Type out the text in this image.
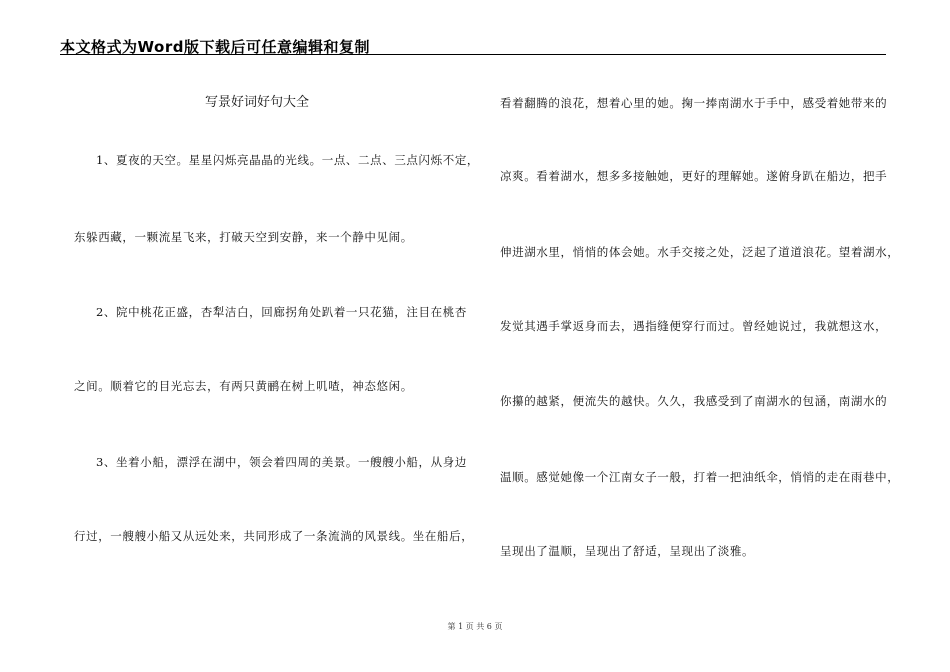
本文格式为Word版下载后可任意编辑和复制
写景好词好句大全
1、夏夜的天空。星星闪烁亮晶晶的光线。一点、二点、三点闪烁不定，
东躲西藏，一颗流星飞来，打破天空到安静，来一个静中见闹。
2、院中桃花正盛，杏犁洁白，回廊拐角处趴着一只花猫，注目在桃杏
之间。顺着它的目光忘去，有两只黄鹂在树上叽喳，神态悠闲。
3、坐着小船，漂浮在湖中，领会着四周的美景。一艘艘小船，从身边
行过，一艘艘小船又从远处来，共同形成了一条流淌的风景线。坐在船后，
看着翻腾的浪花，想着心里的她。掬一捧南湖水于手中，感受着她带来的
凉爽。看着湖水，想多多接触她，更好的理解她。遂俯身趴在船边，把手
伸进湖水里，悄悄的体会她。水手交接之处，泛起了道道浪花。望着湖水，
发觉其遇手掌返身而去，遇指缝便穿行而过。曾经她说过，我就想这水，
你攥的越紧，便流失的越快。久久，我感受到了南湖水的包涵，南湖水的
温顺。感觉她像一个江南女子一般，打着一把油纸伞，悄悄的走在雨巷中，
呈现出了温顺，呈现出了舒适，呈现出了淡雅。
第 1 页 共 6 页
